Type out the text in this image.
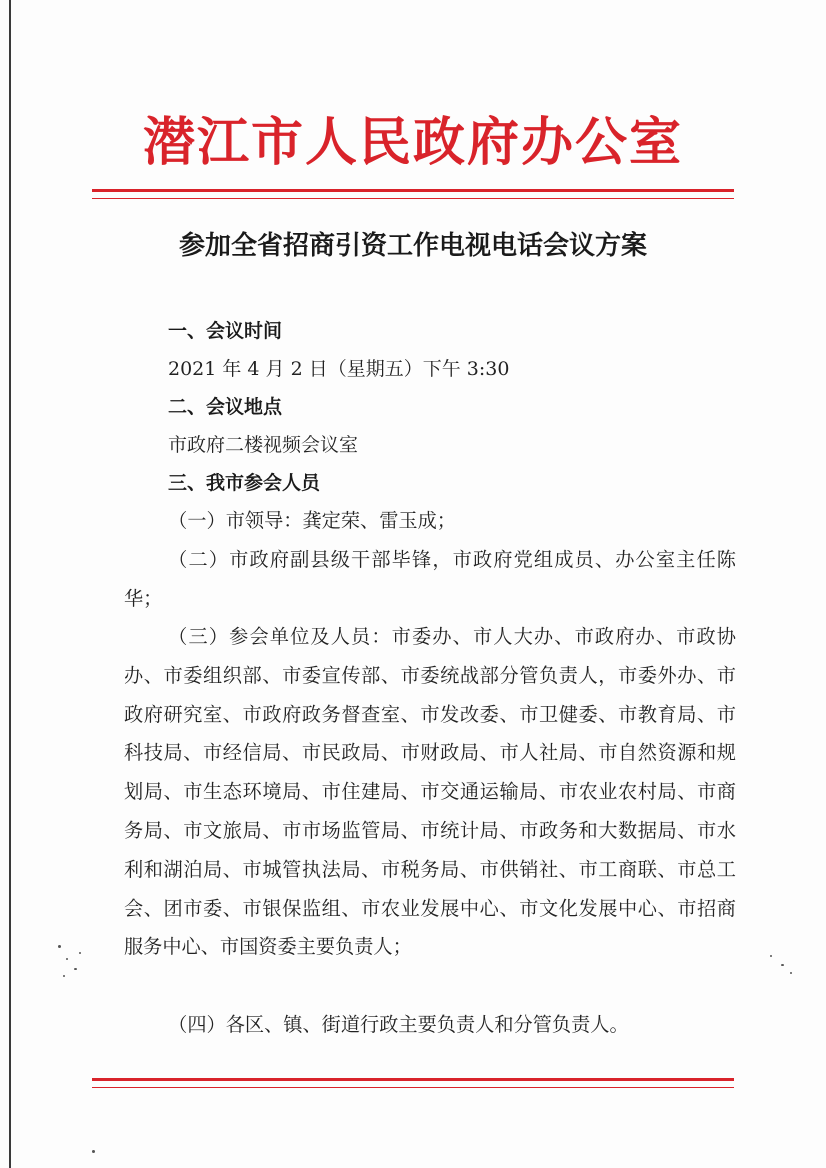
潜江市人民政府办公室
参加全省招商引资工作电视电话会议方案
一、会议时间
2021 年 4 月 2 日（星期五）下午 3:30
二、会议地点
市政府二楼视频会议室
三、我市参会人员
（一）市领导：龚定荣、雷玉成；
（二）市政府副县级干部毕锋，市政府党组成员、办公室主任陈华；
（三）参会单位及人员：市委办、市人大办、市政府办、市政协办、市委组织部、市委宣传部、市委统战部分管负责人，市委外办、市政府研究室、市政府政务督查室、市发改委、市卫健委、市教育局、市科技局、市经信局、市民政局、市财政局、市人社局、市自然资源和规划局、市生态环境局、市住建局、市交通运输局、市农业农村局、市商务局、市文旅局、市市场监管局、市统计局、市政务和大数据局、市水利和湖泊局、市城管执法局、市税务局、市供销社、市工商联、市总工会、团市委、市银保监组、市农业发展中心、市文化发展中心、市招商服务中心、市国资委主要负责人；
（四）各区、镇、街道行政主要负责人和分管负责人。
